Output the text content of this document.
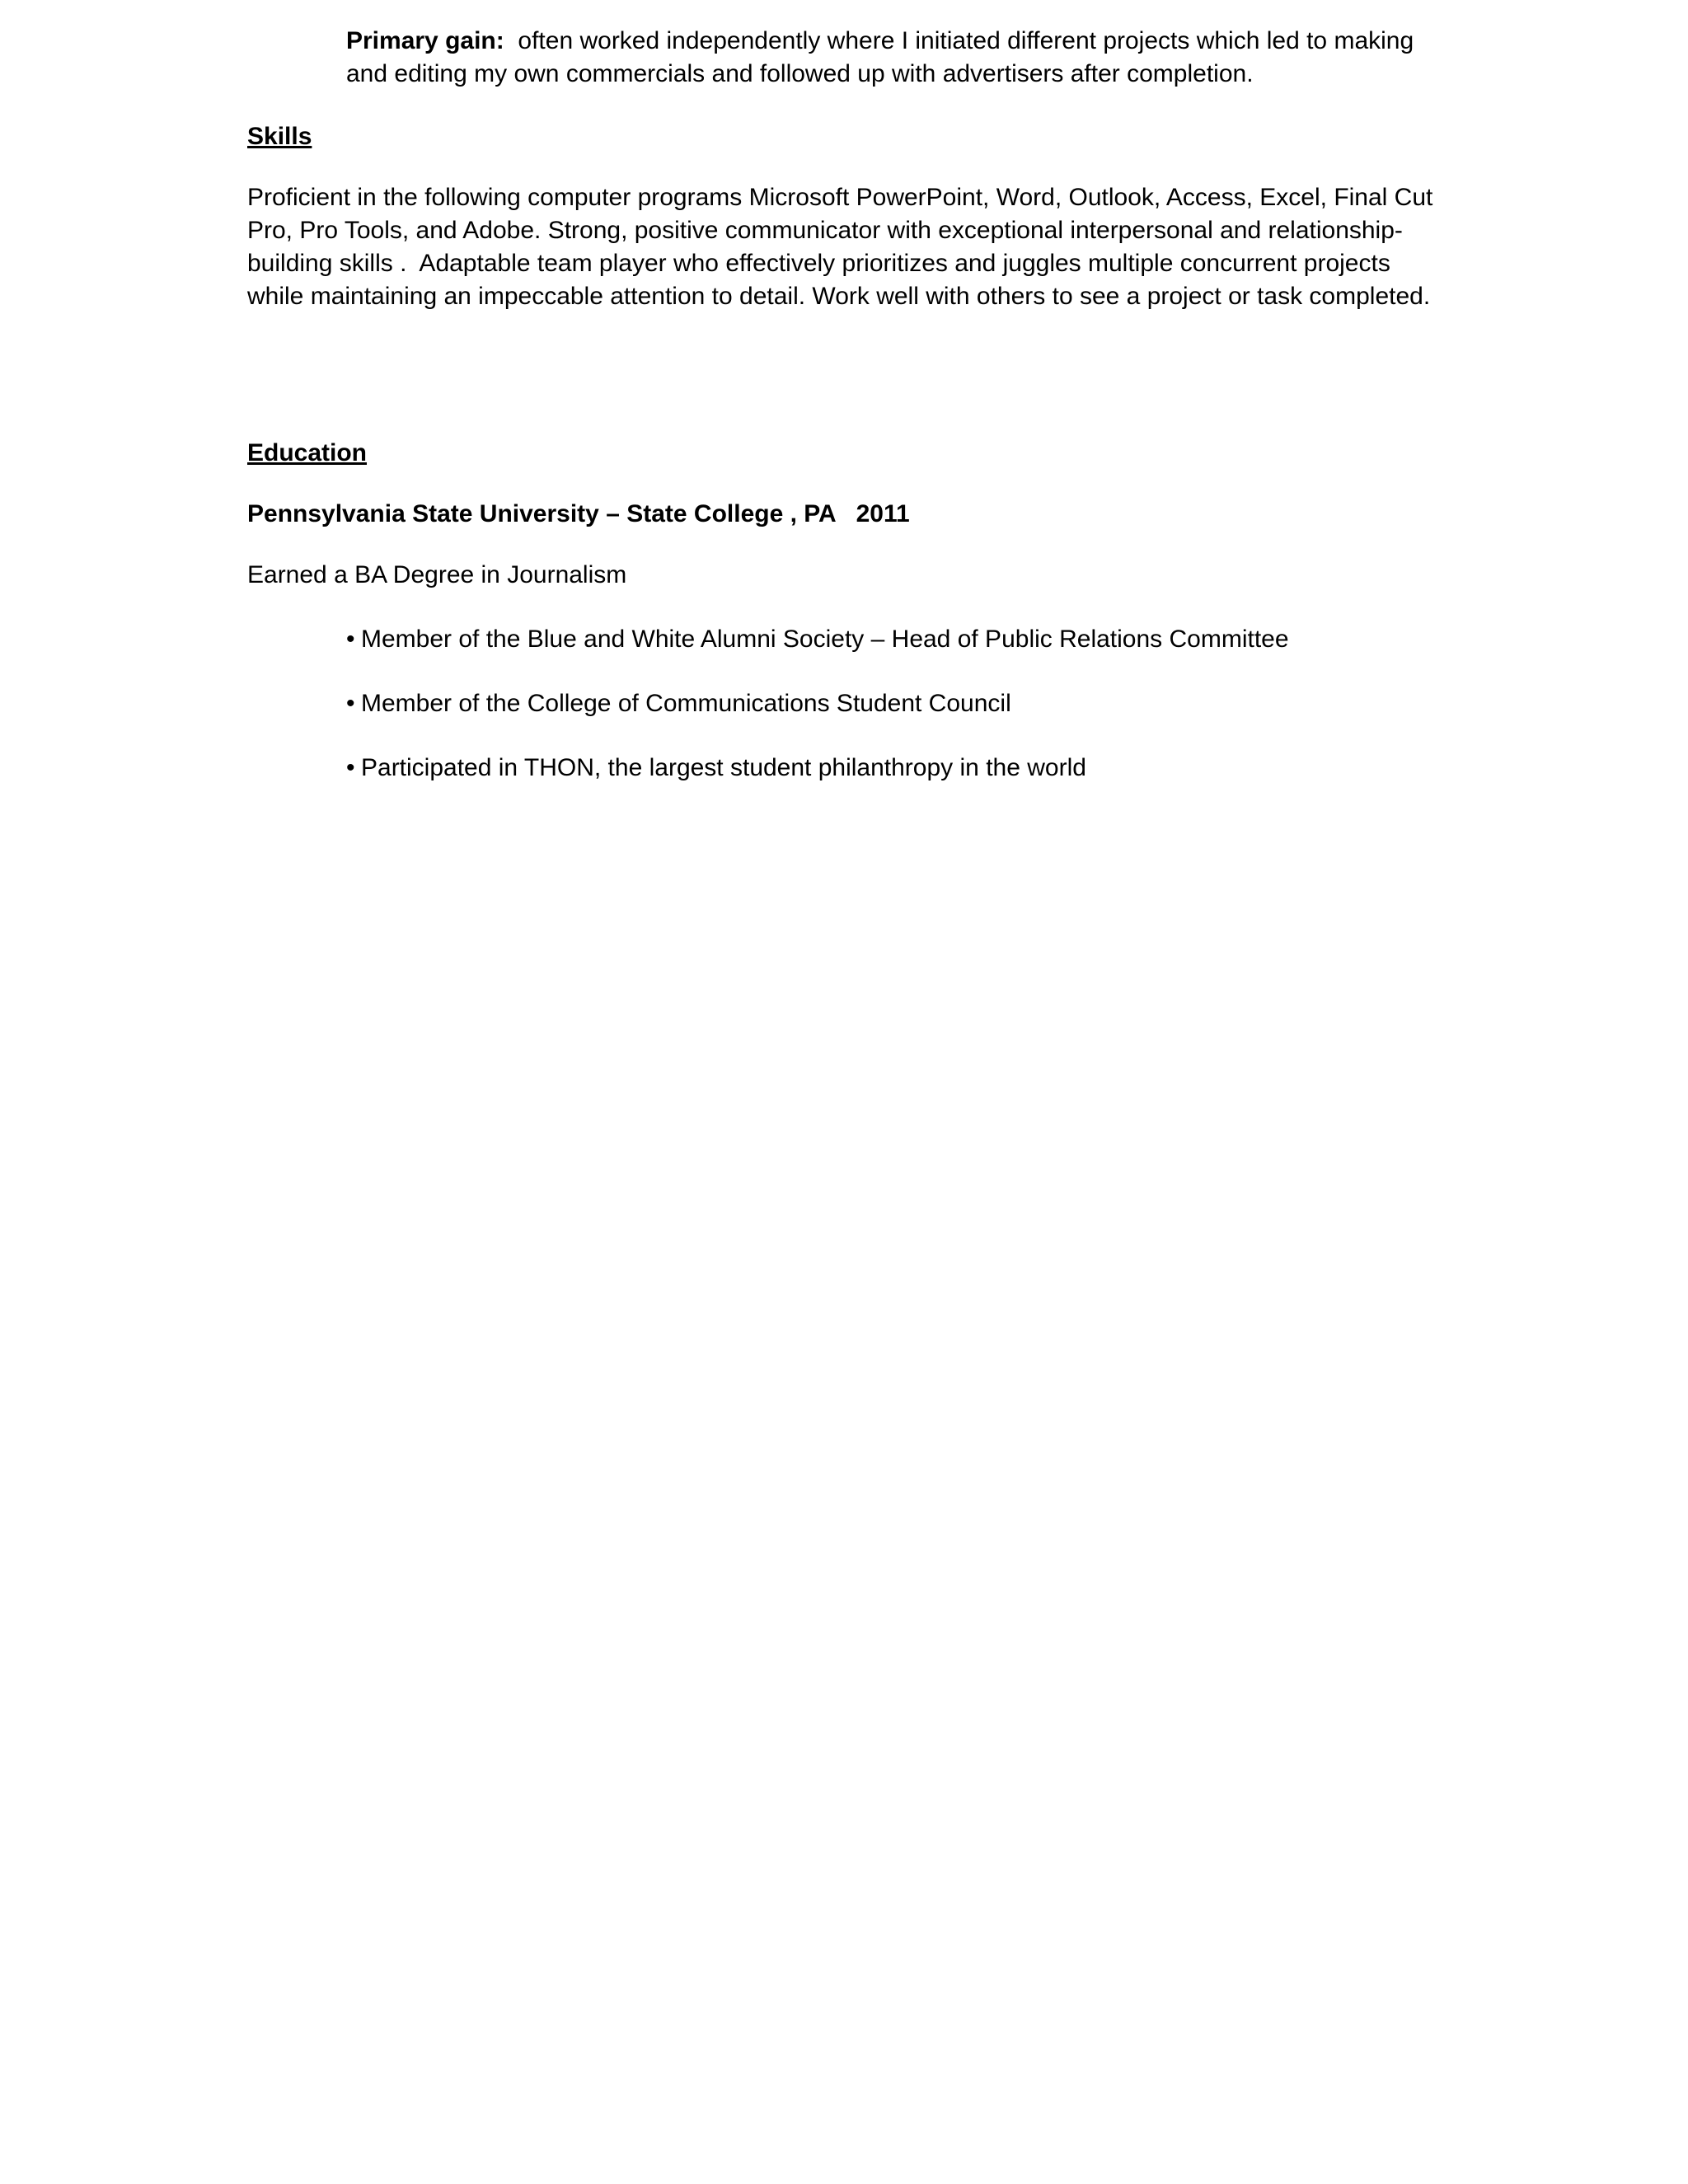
Primary gain: often worked independently where I initiated different projects which led to making and editing my own commercials and followed up with advertisers after completion.
Skills
Proficient in the following computer programs Microsoft PowerPoint, Word, Outlook, Access, Excel, Final Cut Pro, Pro Tools, and Adobe. Strong, positive communicator with exceptional interpersonal and relationship-building skills .  Adaptable team player who effectively prioritizes and juggles multiple concurrent projects while maintaining an impeccable attention to detail. Work well with others to see a project or task completed.
Education
Pennsylvania State University – State College , PA   2011
Earned a BA Degree in Journalism
• Member of the Blue and White Alumni Society – Head of Public Relations Committee
• Member of the College of Communications Student Council
• Participated in THON, the largest student philanthropy in the world
